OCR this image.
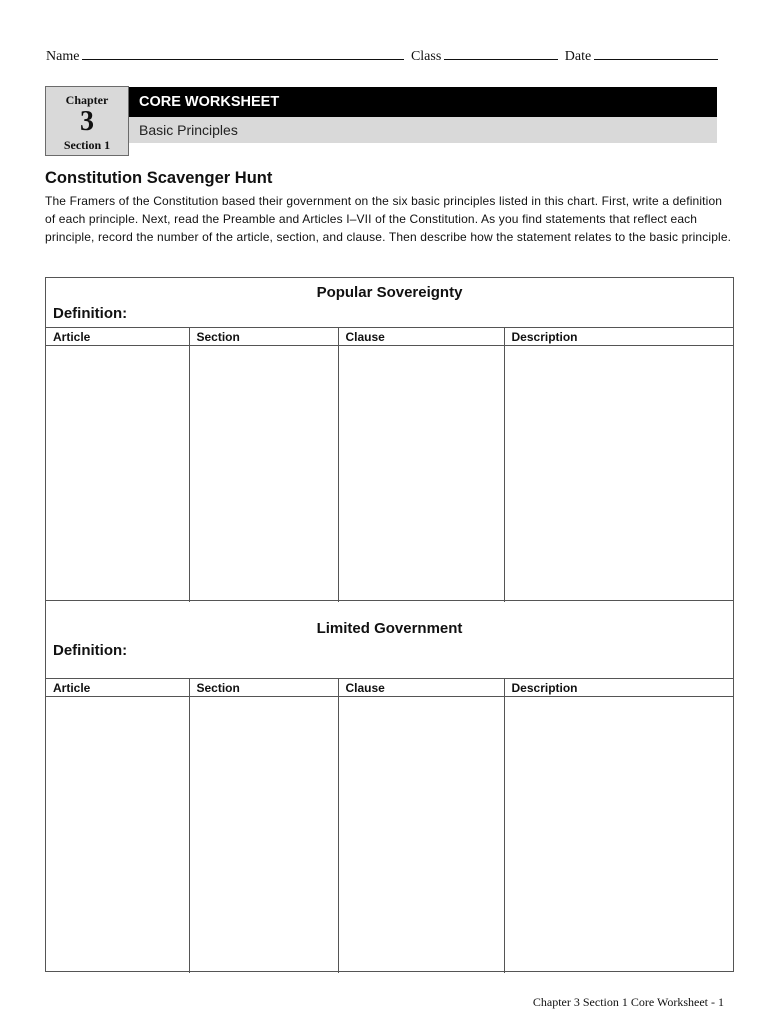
Name	Class	Date
Chapter
3
Section 1
CORE WORKSHEET
Basic Principles
Constitution Scavenger Hunt
The Framers of the Constitution based their government on the six basic principles listed in this chart. First, write a definition of each principle. Next, read the Preamble and Articles I–VII of the Constitution. As you find statements that reflect each principle, record the number of the article, section, and clause. Then describe how the statement relates to the basic principle.
Popular Sovereignty
Definition:
Article	Section	Clause	Description

Limited Government
Definition:
Article	Section	Clause	Description

Chapter 3 Section 1 Core Worksheet - 1
